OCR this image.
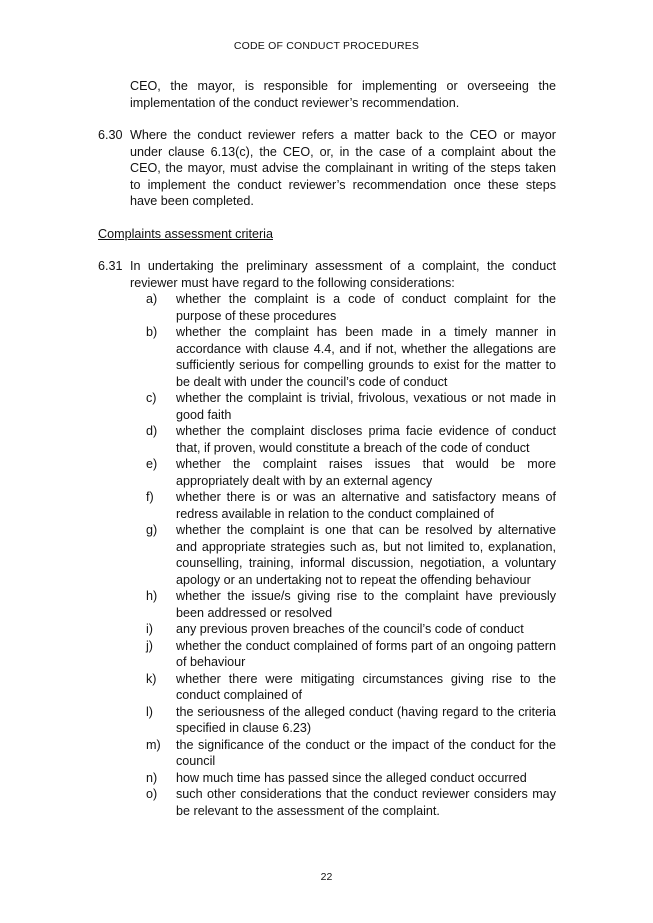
CODE OF CONDUCT PROCEDURES
CEO, the mayor, is responsible for implementing or overseeing the implementation of the conduct reviewer’s recommendation.
6.30 Where the conduct reviewer refers a matter back to the CEO or mayor under clause 6.13(c), the CEO, or, in the case of a complaint about the CEO, the mayor, must advise the complainant in writing of the steps taken to implement the conduct reviewer’s recommendation once these steps have been completed.
Complaints assessment criteria
6.31 In undertaking the preliminary assessment of a complaint, the conduct reviewer must have regard to the following considerations:
a)	whether the complaint is a code of conduct complaint for the purpose of these procedures
b)	whether the complaint has been made in a timely manner in accordance with clause 4.4, and if not, whether the allegations are sufficiently serious for compelling grounds to exist for the matter to be dealt with under the council’s code of conduct
c)	whether the complaint is trivial, frivolous, vexatious or not made in good faith
d)	whether the complaint discloses prima facie evidence of conduct that, if proven, would constitute a breach of the code of conduct
e)	whether the complaint raises issues that would be more appropriately dealt with by an external agency
f)	whether there is or was an alternative and satisfactory means of redress available in relation to the conduct complained of
g)	whether the complaint is one that can be resolved by alternative and appropriate strategies such as, but not limited to, explanation, counselling, training, informal discussion, negotiation, a voluntary apology or an undertaking not to repeat the offending behaviour
h)	whether the issue/s giving rise to the complaint have previously been addressed or resolved
i)	any previous proven breaches of the council’s code of conduct
j)	whether the conduct complained of forms part of an ongoing pattern of behaviour
k)	whether there were mitigating circumstances giving rise to the conduct complained of
l)	the seriousness of the alleged conduct (having regard to the criteria specified in clause 6.23)
m)	the significance of the conduct or the impact of the conduct for the council
n)	how much time has passed since the alleged conduct occurred
o)	such other considerations that the conduct reviewer considers may be relevant to the assessment of the complaint.
22
